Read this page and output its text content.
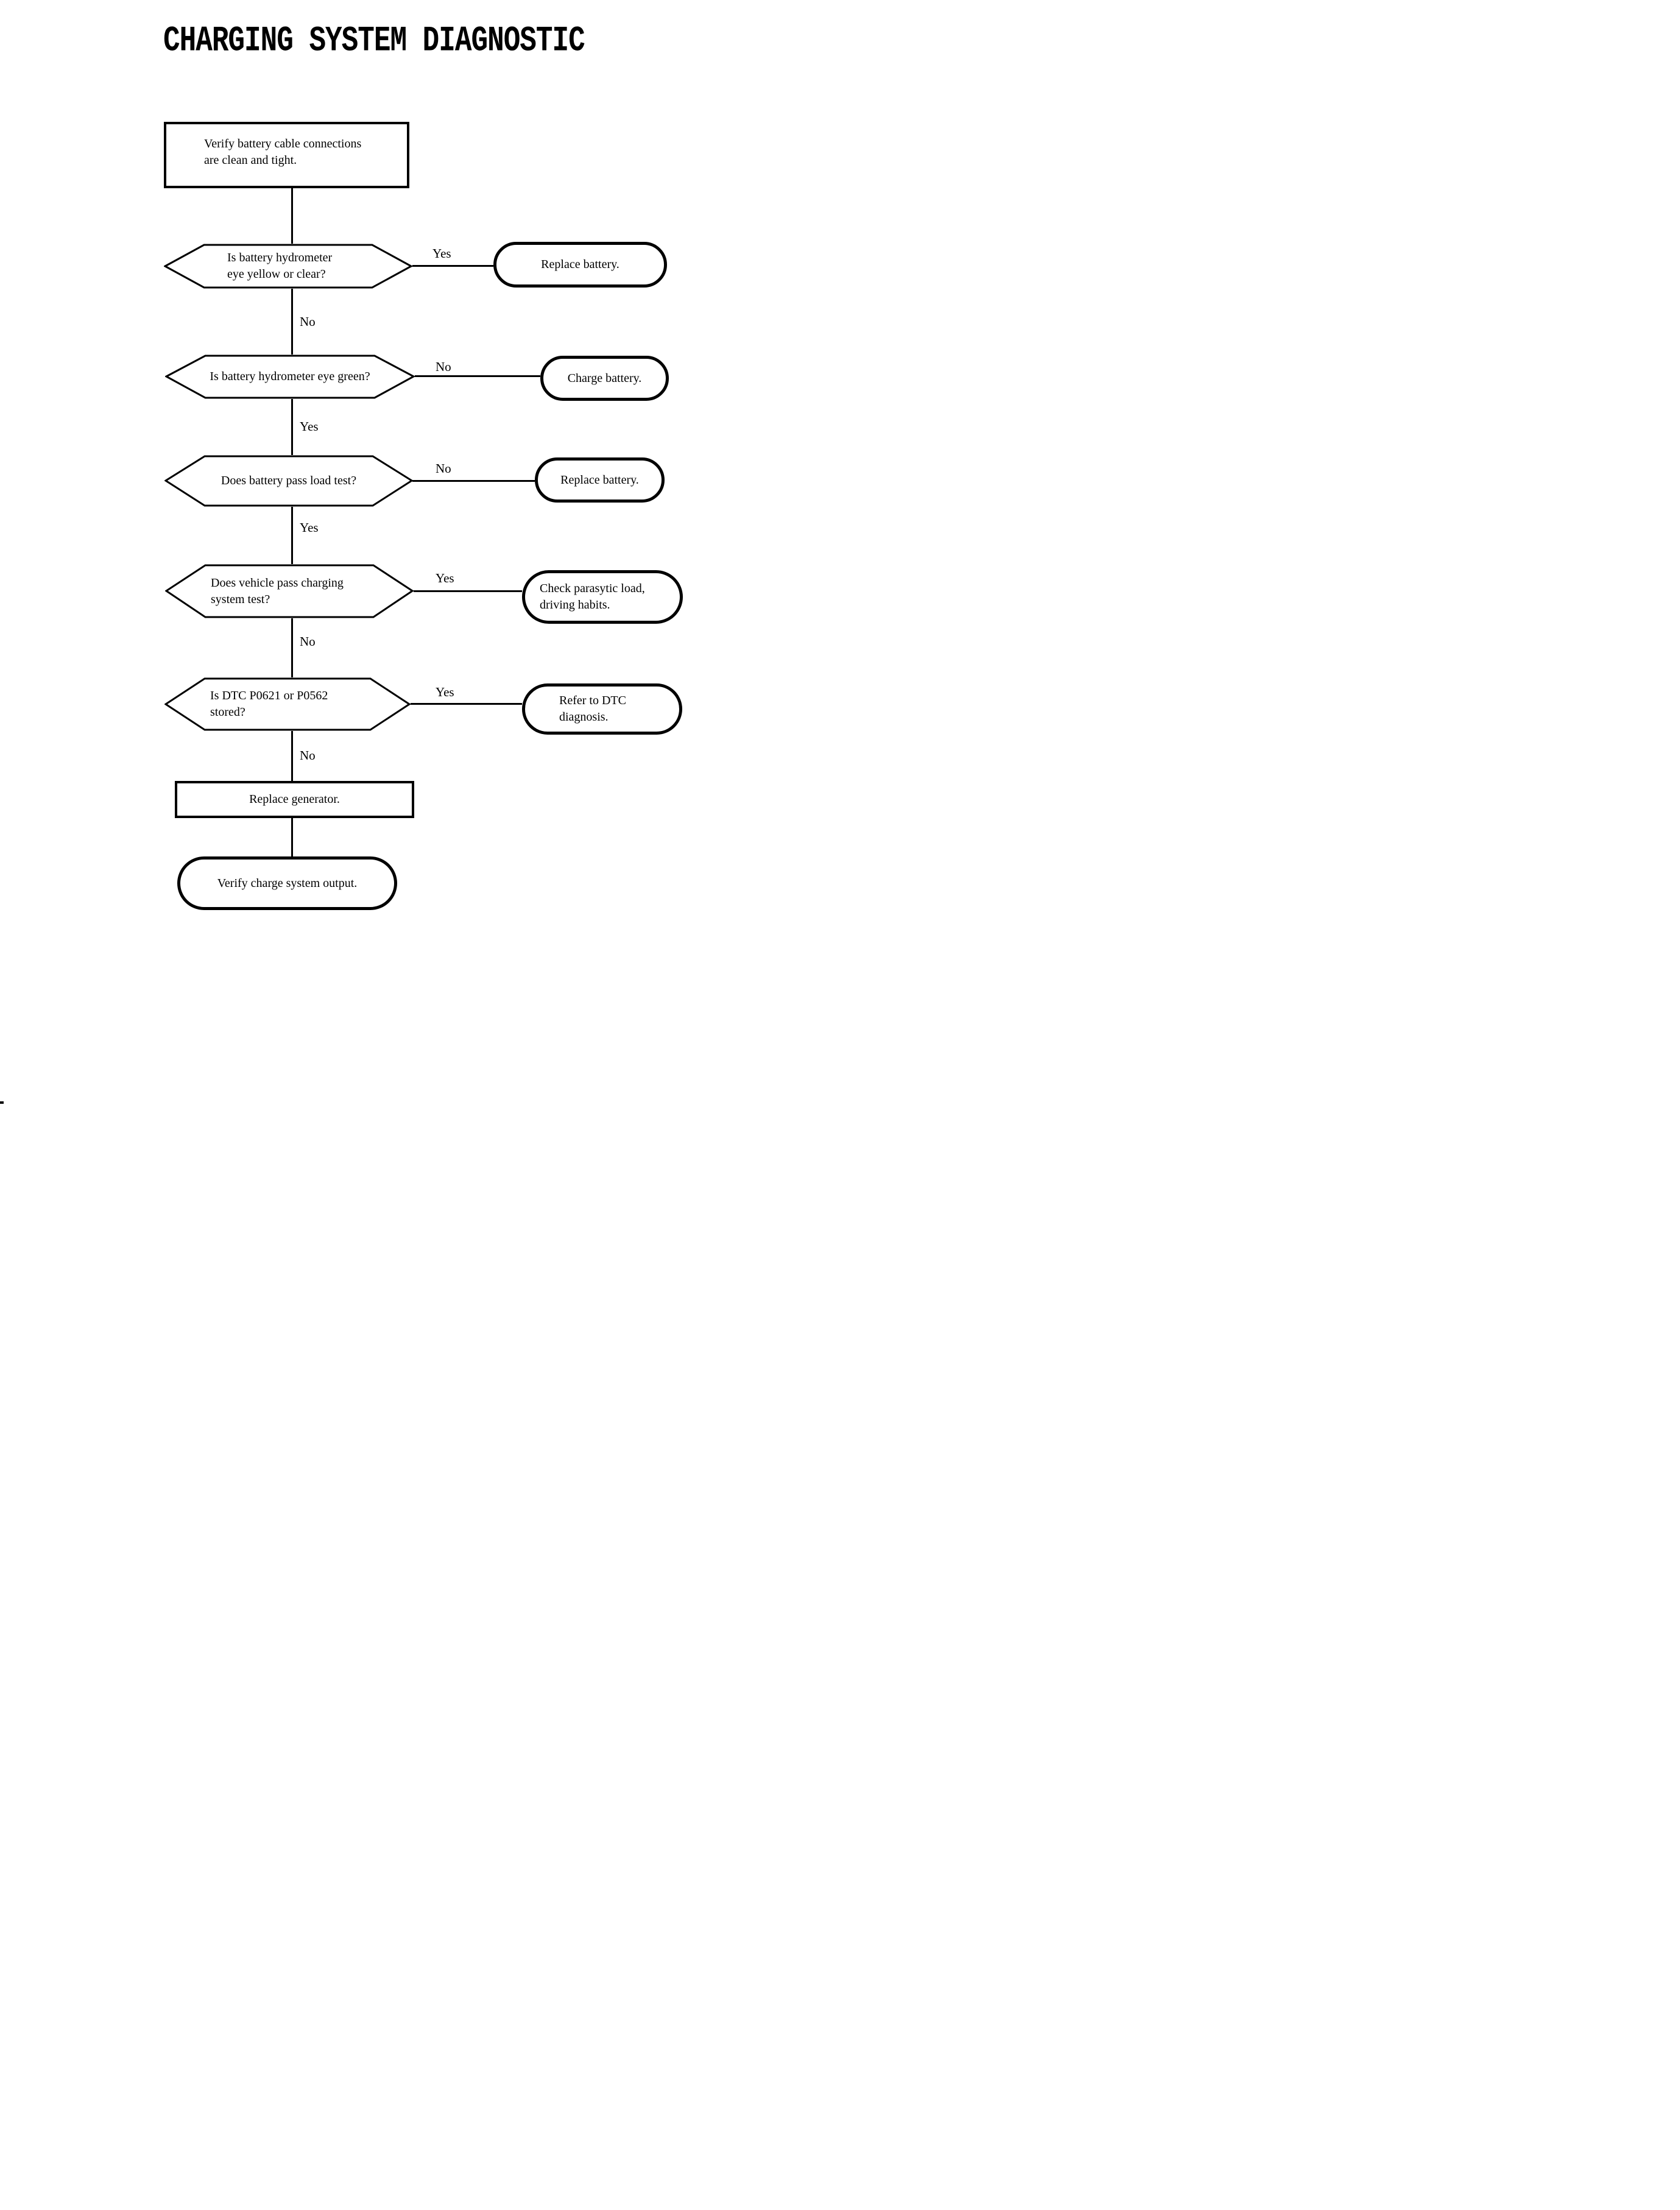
CHARGING SYSTEM DIAGNOSTIC
Verify battery cable connections
are clean and tight.
Is battery hydrometer
eye yellow or clear?
Yes
Replace battery.
No
Is battery hydrometer eye green?
No
Charge battery.
Yes
Does battery pass load test?
No
Replace battery.
Yes
Does vehicle pass charging
system test?
Yes
Check parasytic load,
driving habits.
No
Is DTC P0621 or P0562
stored?
Yes
Refer to DTC
diagnosis.
No
Replace generator.
Verify charge system output.
